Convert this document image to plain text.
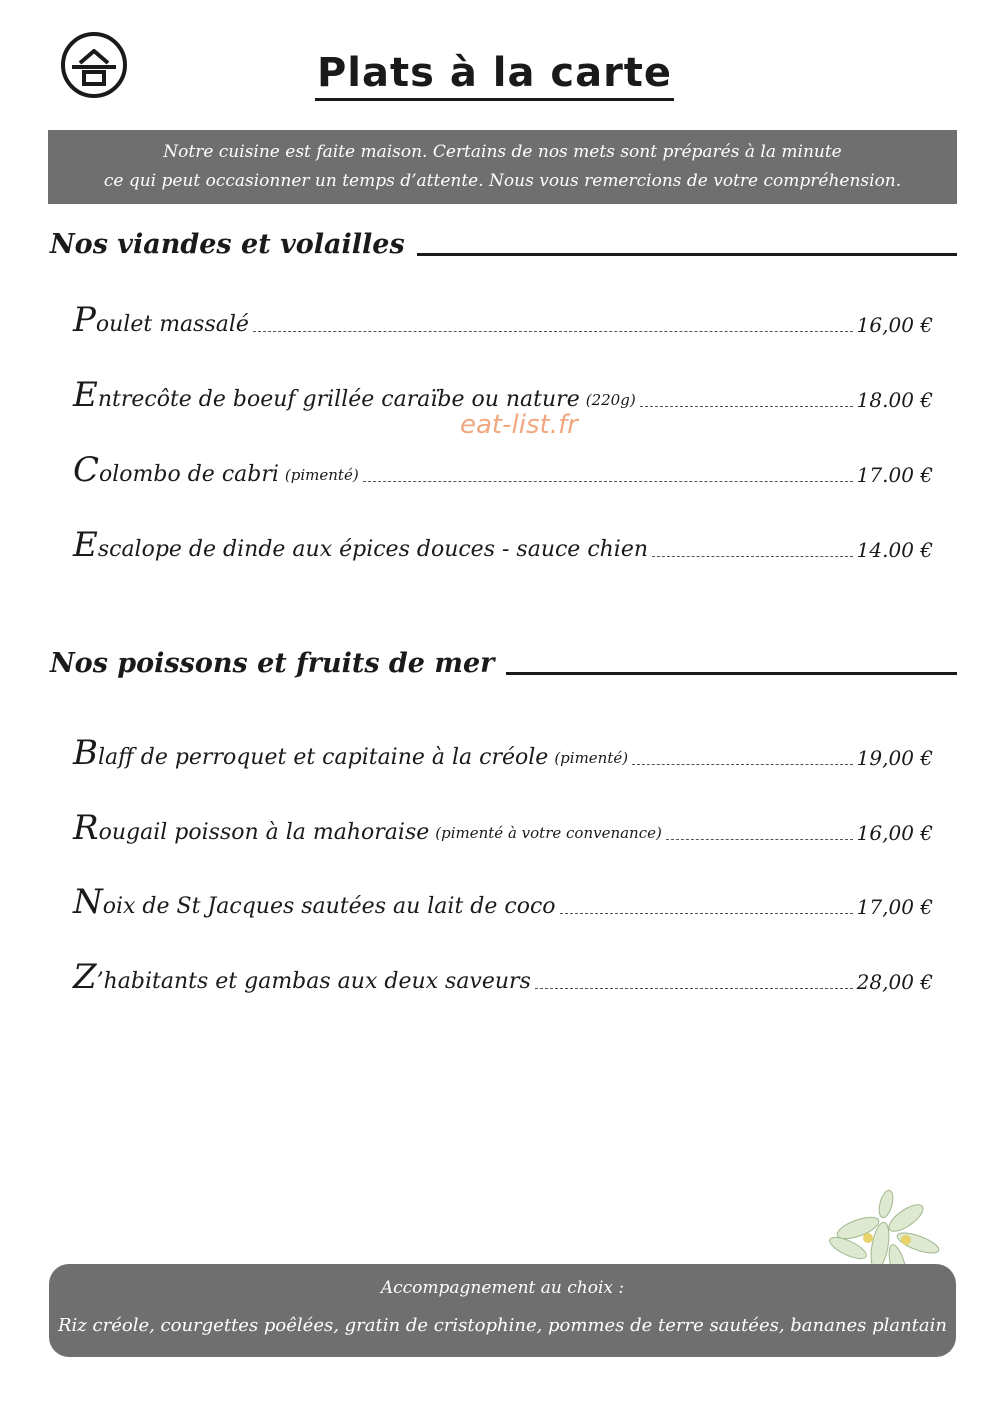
Plats à la carte
Notre cuisine est faite maison. Certains de nos mets sont préparés à la minute
ce qui peut occasionner un temps d’attente. Nous vous remercions de votre compréhension.
Nos viandes et volailles
Poulet massalé	16,00 €
Entrecôte de boeuf grillée caraïbe ou nature (220g)	18.00 €
Colombo de cabri (pimenté)	17.00 €
Escalope de dinde aux épices douces - sauce chien	14.00 €
eat-list.fr
Nos poissons et fruits de mer
Blaff de perroquet et capitaine à la créole (pimenté)	19,00 €
Rougail poisson à la mahoraise (pimenté à votre convenance)	16,00 €
Noix de St Jacques sautées au lait de coco	17,00 €
Z’habitants et gambas aux deux saveurs	28,00 €
Accompagnement au choix :
Riz créole, courgettes poêlées, gratin de cristophine, pommes de terre sautées, bananes plantain
